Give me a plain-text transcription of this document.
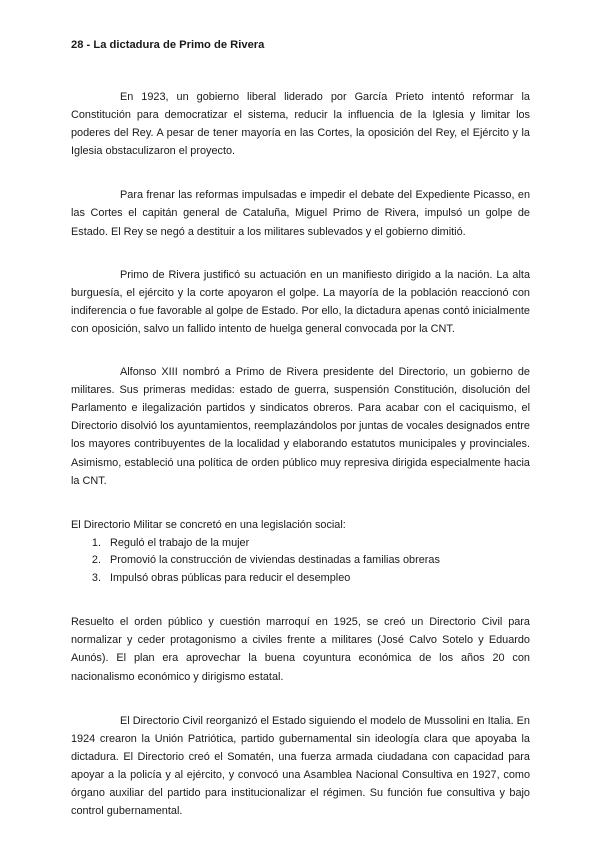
28 - La dictadura de Primo de Rivera

En 1923, un gobierno liberal liderado por García Prieto intentó reformar la Constitución para democratizar el sistema, reducir la influencia de la Iglesia y limitar los poderes del Rey. A pesar de tener mayoría en las Cortes, la oposición del Rey, el Ejército y la Iglesia obstaculizaron el proyecto.

Para frenar las reformas impulsadas e impedir el debate del Expediente Picasso, en las Cortes el capitán general de Cataluña, Miguel Primo de Rivera, impulsó un golpe de Estado. El Rey se negó a destituir a los militares sublevados y el gobierno dimitió.

Primo de Rivera justificó su actuación en un manifiesto dirigido a la nación. La alta burguesía, el ejército y la corte apoyaron el golpe. La mayoría de la población reaccionó con indiferencia o fue favorable al golpe de Estado. Por ello, la dictadura apenas contó inicialmente con oposición, salvo un fallido intento de huelga general convocada por la CNT.

Alfonso XIII nombró a Primo de Rivera presidente del Directorio, un gobierno de militares. Sus primeras medidas: estado de guerra, suspensión Constitución, disolución del Parlamento e ilegalización partidos y sindicatos obreros. Para acabar con el caciquismo, el Directorio disolvió los ayuntamientos, reemplazándolos por juntas de vocales designados entre los mayores contribuyentes de la localidad y elaborando estatutos municipales y provinciales. Asimismo, estableció una política de orden público muy represiva dirigida especialmente hacia la CNT.

El Directorio Militar se concretó en una legislación social:

1. Reguló el trabajo de la mujer
2. Promovió la construcción de viviendas destinadas a familias obreras
3. Impulsó obras públicas para reducir el desempleo

Resuelto el orden público y cuestión marroquí en 1925, se creó un Directorio Civil para normalizar y ceder protagonismo a civiles frente a militares (José Calvo Sotelo y Eduardo Aunós). El plan era aprovechar la buena coyuntura económica de los años 20 con nacionalismo económico y dirigismo estatal.

El Directorio Civil reorganizó el Estado siguiendo el modelo de Mussolini en Italia. En 1924 crearon la Unión Patriótica, partido gubernamental sin ideología clara que apoyaba la dictadura. El Directorio creó el Somatén, una fuerza armada ciudadana con capacidad para apoyar a la policía y al ejército, y convocó una Asamblea Nacional Consultiva en 1927, como órgano auxiliar del partido para institucionalizar el régimen. Su función fue consultiva y bajo control gubernamental.
